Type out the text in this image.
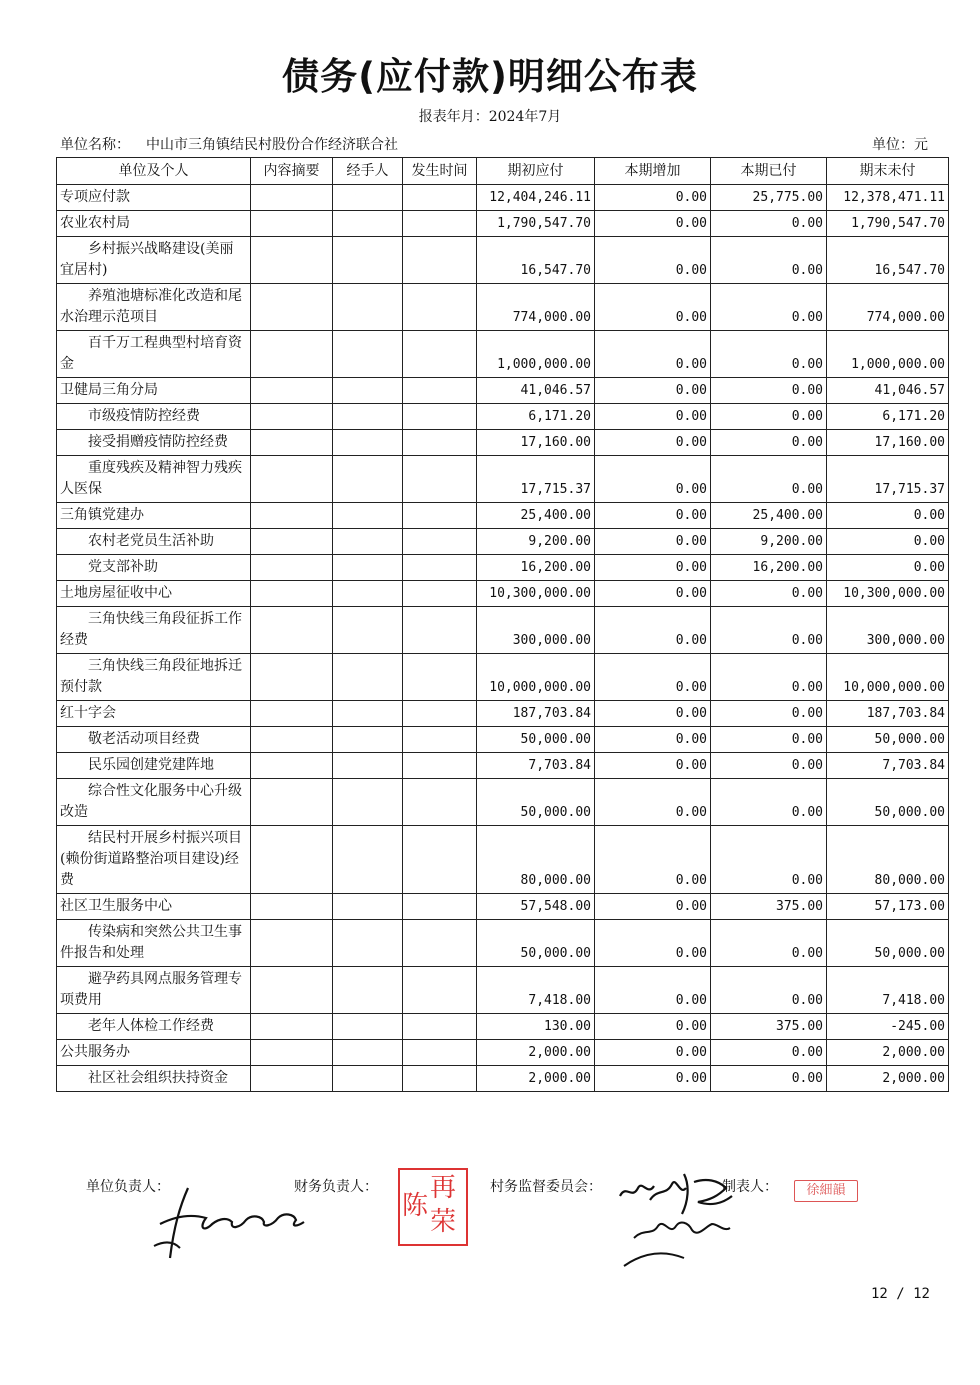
债务(应付款)明细公布表
报表年月：2024年7月
单位名称： 中山市三角镇结民村股份合作经济联合社	单位：元
单位及个人	内容摘要	经手人	发生时间	期初应付	本期增加	本期已付	期末未付
专项应付款				12,404,246.11	0.00	25,775.00	12,378,471.11
农业农村局				1,790,547.70	0.00	0.00	1,790,547.70
乡村振兴战略建设(美丽宜居村)				16,547.70	0.00	0.00	16,547.70
养殖池塘标准化改造和尾水治理示范项目				774,000.00	0.00	0.00	774,000.00
百千万工程典型村培育资金				1,000,000.00	0.00	0.00	1,000,000.00
卫健局三角分局				41,046.57	0.00	0.00	41,046.57
市级疫情防控经费				6,171.20	0.00	0.00	6,171.20
接受捐赠疫情防控经费				17,160.00	0.00	0.00	17,160.00
重度残疾及精神智力残疾人医保				17,715.37	0.00	0.00	17,715.37
三角镇党建办				25,400.00	0.00	25,400.00	0.00
农村老党员生活补助				9,200.00	0.00	9,200.00	0.00
党支部补助				16,200.00	0.00	16,200.00	0.00
土地房屋征收中心				10,300,000.00	0.00	0.00	10,300,000.00
三角快线三角段征拆工作经费				300,000.00	0.00	0.00	300,000.00
三角快线三角段征地拆迁预付款				10,000,000.00	0.00	0.00	10,000,000.00
红十字会				187,703.84	0.00	0.00	187,703.84
敬老活动项目经费				50,000.00	0.00	0.00	50,000.00
民乐园创建党建阵地				7,703.84	0.00	0.00	7,703.84
综合性文化服务中心升级改造				50,000.00	0.00	0.00	50,000.00
结民村开展乡村振兴项目(赖份街道路整治项目建设)经费				80,000.00	0.00	0.00	80,000.00
社区卫生服务中心				57,548.00	0.00	375.00	57,173.00
传染病和突然公共卫生事件报告和处理				50,000.00	0.00	0.00	50,000.00
避孕药具网点服务管理专项费用				7,418.00	0.00	0.00	7,418.00
老年人体检工作经费				130.00	0.00	375.00	-245.00
公共服务办				2,000.00	0.00	0.00	2,000.00
社区社会组织扶持资金				2,000.00	0.00	0.00	2,000.00
单位负责人：	财务负责人：	村务监督委员会：	制表人：
再
陈
荣
徐細韻
12 / 12
